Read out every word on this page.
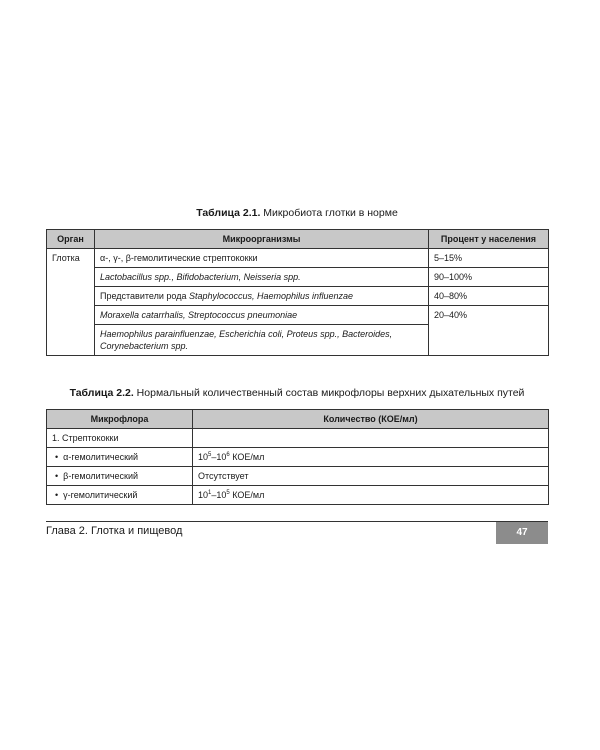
Таблица 2.1. Микробиота глотки в норме
Орган	Микроорганизмы	Процент у населения
Глотка	α-, γ-, β-гемолитические стрептококки	5–15%
	Lactobacillus spp., Bifidobacterium, Neisseria spp.	90–100%
	Представители рода Staphylococcus, Haemophilus influenzae	40–80%
	Moraxella catarrhalis, Streptococcus pneumoniae	20–40%
	Haemophilus parainfluenzae, Escherichia coli, Proteus spp., Bacteroides, Corynebacterium spp.	
Таблица 2.2. Нормальный количественный состав микрофлоры верхних дыхательных путей
Микрофлора	Количество (КОЕ/мл)
1. Стрептококки	
• α-гемолитический	$10^5-10^6$ КОЕ/мл
• β-гемолитический	Отсутствует
• γ-гемолитический	$10^1-10^5$ КОЕ/мл
Глава 2. Глотка и пищевод	47
